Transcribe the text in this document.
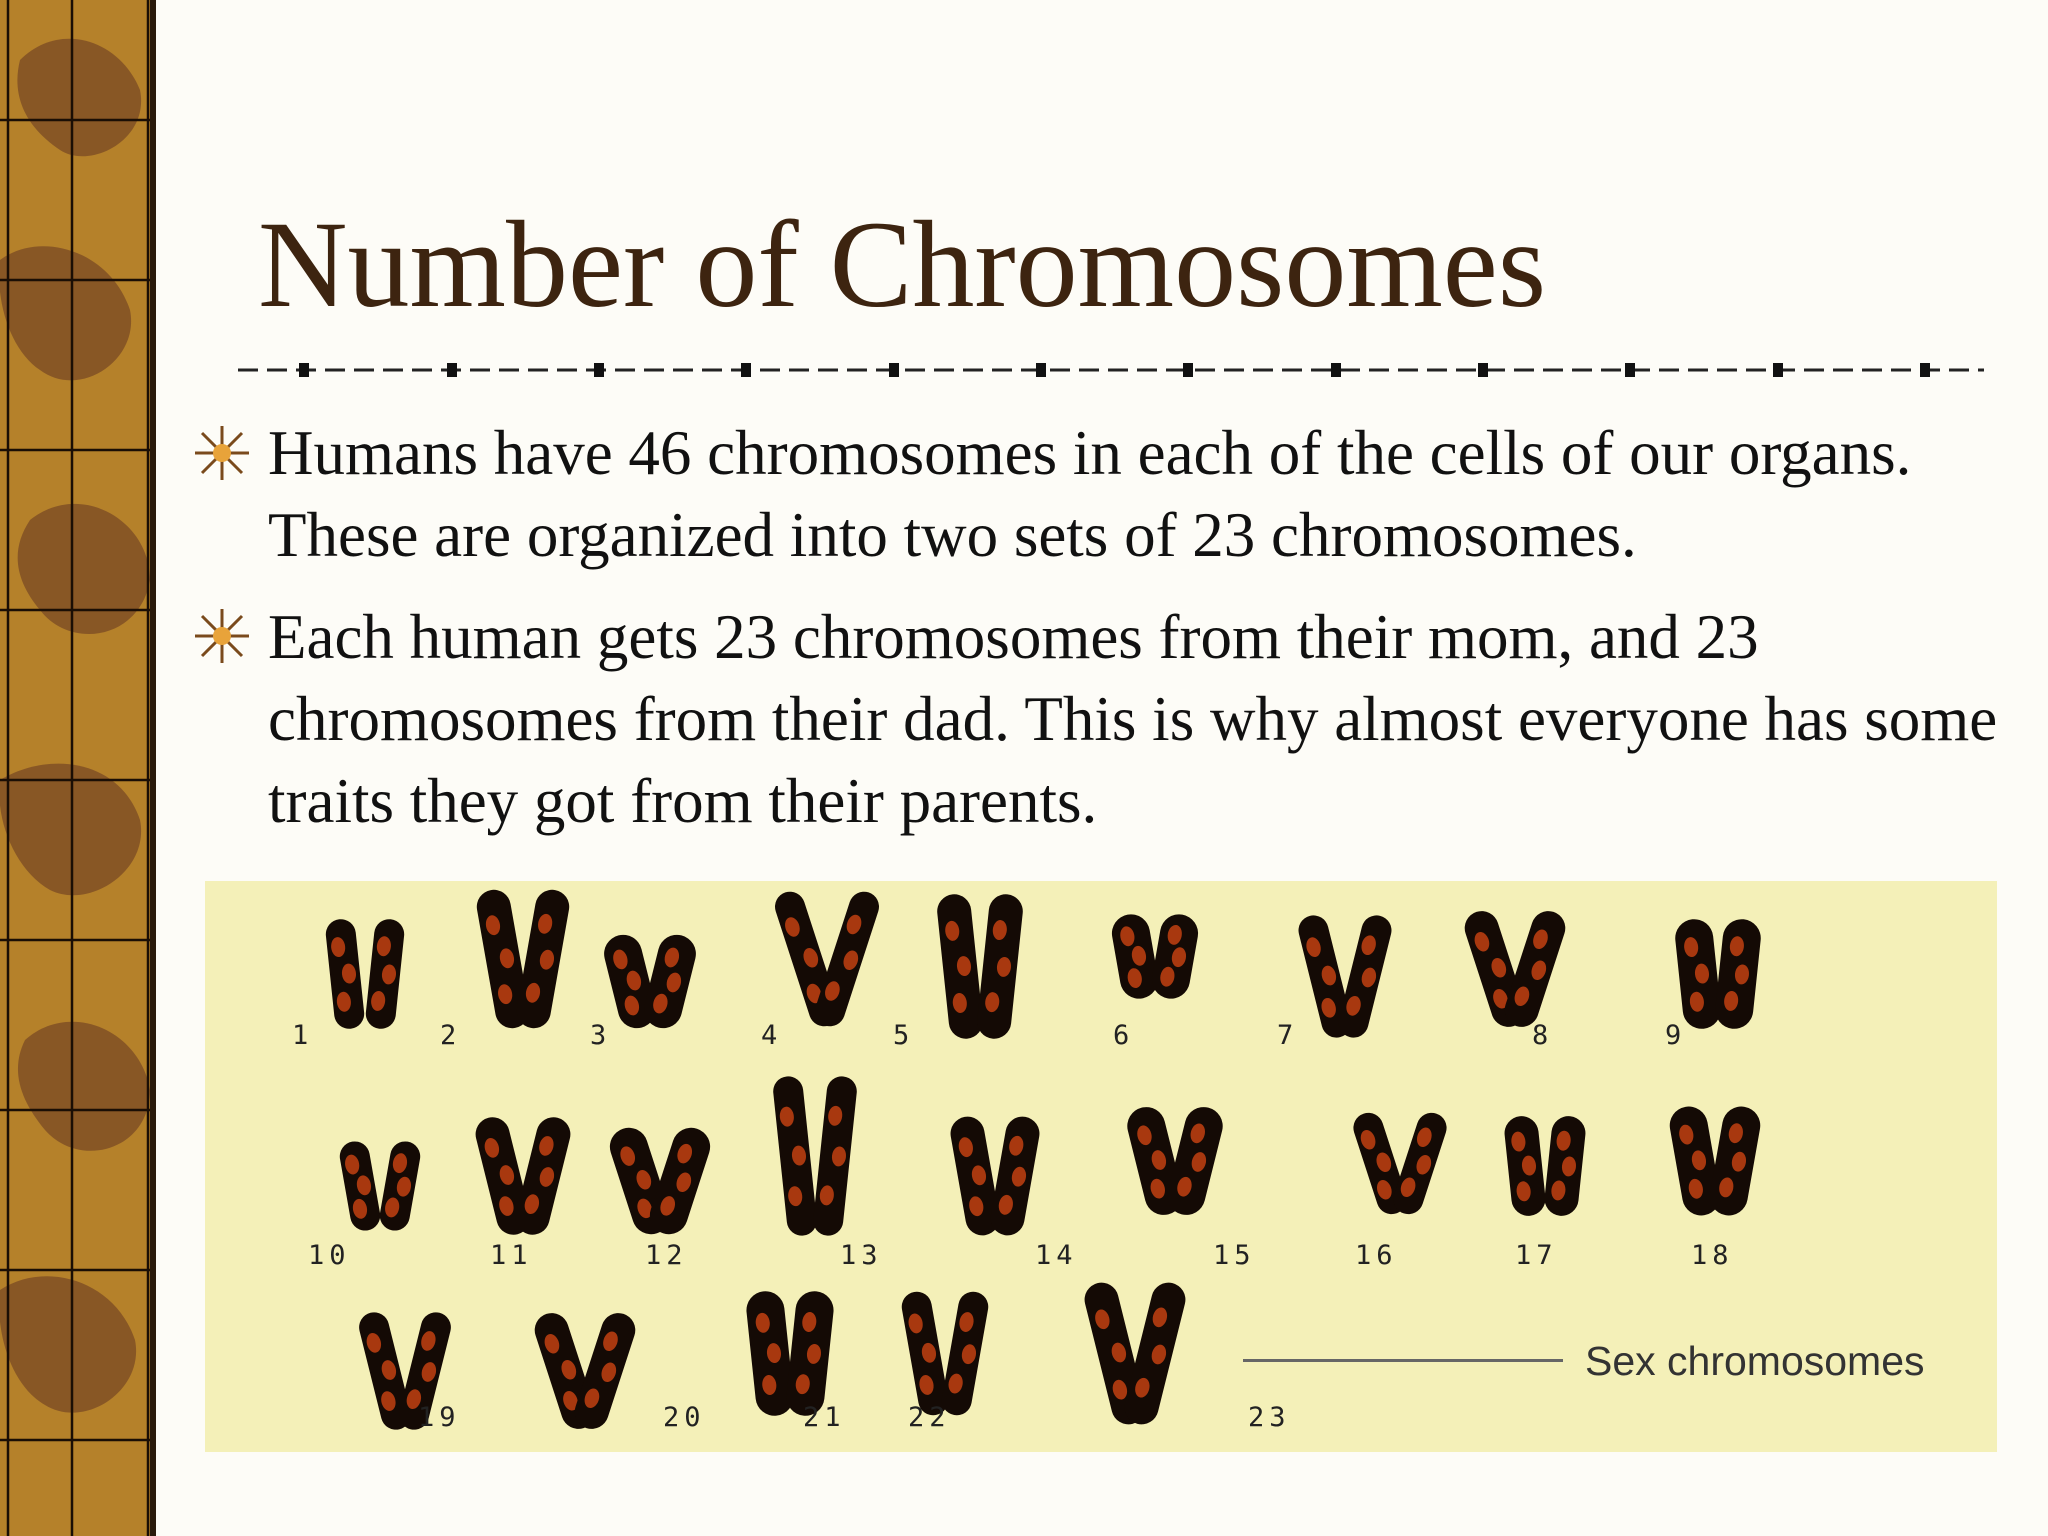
Number of Chromosomes

Humans have 46 chromosomes in each of the cells of our organs. These are organized into two sets of 23 chromosomes.

Each human gets 23 chromosomes from their mom, and 23 chromosomes from their dad. This is why almost everyone has some traits they got from their parents.

1	2	3	4	5	6	7	8	9
10	11	12	13	14	15	16	17	18
19	20	21 22	23
Sex chromosomes
